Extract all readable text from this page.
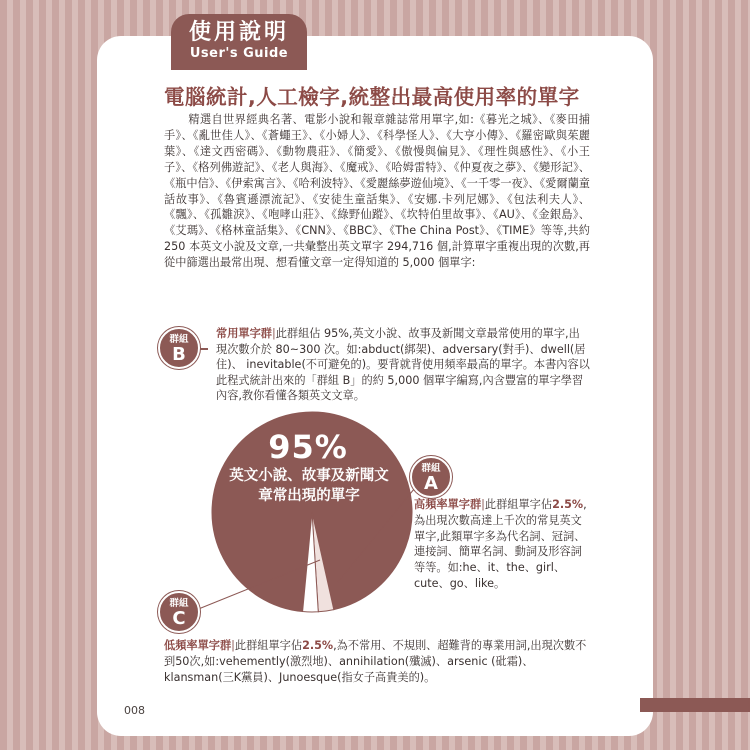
使用說明
User's Guide
電腦統計,人工檢字,統整出最高使用率的單字
精選自世界經典名著、電影小說和報章雜誌常用單字,如:《暮光之城》、《麥田捕手》、《亂世佳人》、《蒼蠅王》、《小婦人》、《科學怪人》、《大亨小傳》、《羅密歐與茱麗葉》、《達文西密碼》、《動物農莊》、《簡愛》、《傲慢與偏見》、《理性與感性》、《小王子》、《格列佛遊記》、《老人與海》、《魔戒》、《哈姆雷特》、《仲夏夜之夢》、《變形記》、《瓶中信》、《伊索寓言》、《哈利波特》、《愛麗絲夢遊仙境》、《一千零一夜》、《愛爾蘭童話故事》、《魯賓遜漂流記》、《安徒生童話集》、《安娜.卡列尼娜》、《包法利夫人》、《飄》、《孤雛淚》、《咆哮山莊》、《綠野仙蹤》、《坎特伯里故事》、《AU》、《金銀島》、《艾瑪》、《格林童話集》、《CNN》、《BBC》、《The China Post》、《TIME》等等,共約 250 本英文小說及文章,一共彙整出英文單字 294,716 個,計算單字重複出現的次數,再從中篩選出最常出現、想看懂文章一定得知道的 5,000 個單字:
群組
B
常用單字群|此群組佔 95%,英文小說、故事及新聞文章最常使用的單字,出現次數介於 80~300 次。如:abduct(綁架)、adversary(對手)、dwell(居住)、 inevitable(不可避免的)。要背就背使用頻率最高的單字。本書內容以此程式統計出來的「群組 B」的約 5,000 個單字編寫,內含豐富的單字學習內容,教你看懂各類英文文章。
95%
英文小說、故事及新聞文章常出現的單字
群組
A
高頻率單字群|此群組單字佔2.5%,為出現次數高達上千次的常見英文單字,此類單字多為代名詞、冠詞、連接詞、簡單名詞、動詞及形容詞等等。如:he、it、the、girl、cute、go、like。
群組
C
低頻率單字群|此群組單字佔2.5%,為不常用、不規則、超難背的專業用詞,出現次數不到50次,如:vehemently(激烈地)、annihilation(殲滅)、arsenic (砒霜)、klansman(三K黨員)、Junoesque(指女子高貴美的)。
008
